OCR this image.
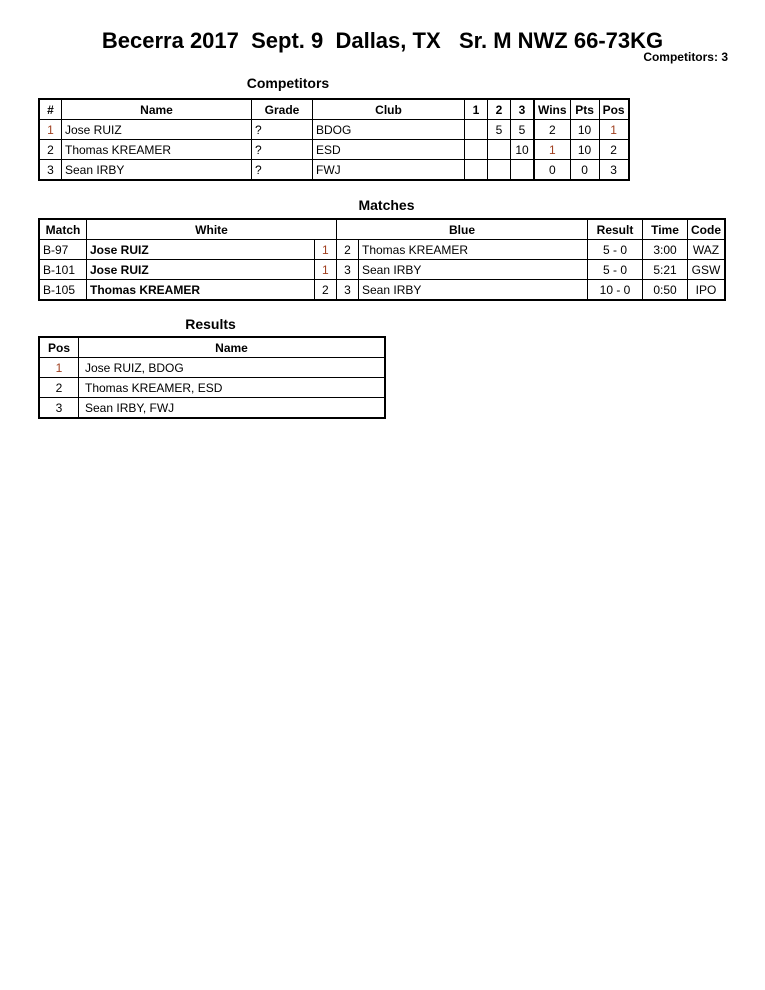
Becerra 2017  Sept. 9  Dallas, TX   Sr. M NWZ 66-73KG
Competitors: 3
Competitors
#	Name	Grade	Club	1	2	3	Wins	Pts	Pos
1	Jose RUIZ	?	BDOG		5	5	2	10	1
2	Thomas KREAMER	?	ESD			10	1	10	2
3	Sean IRBY	?	FWJ				0	0	3
Matches
Match	White		Blue		Result	Time	Code
B-97	Jose RUIZ	1	2	Thomas KREAMER	5 - 0	3:00	WAZ
B-101	Jose RUIZ	1	3	Sean IRBY	5 - 0	5:21	GSW
B-105	Thomas KREAMER	2	3	Sean IRBY	10 - 0	0:50	IPO
Results
Pos	Name
1	Jose RUIZ, BDOG
2	Thomas KREAMER, ESD
3	Sean IRBY, FWJ
